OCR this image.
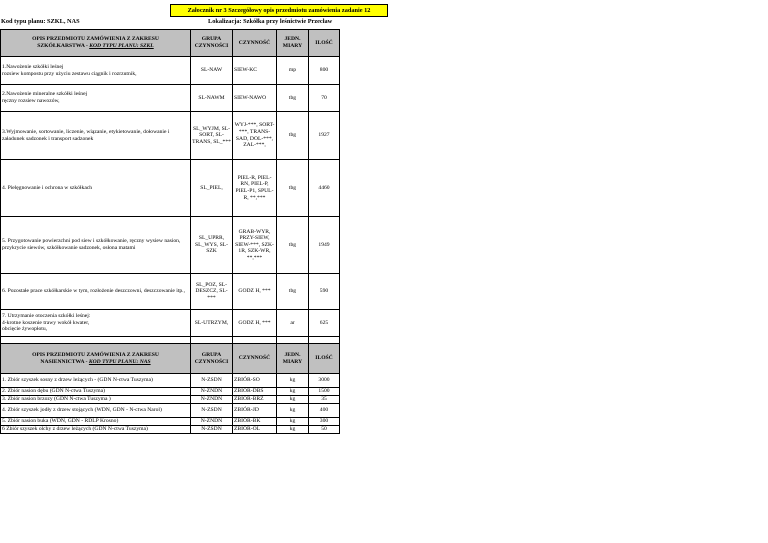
Załocznik nr 3 Szczegółowy opis przedmiotu zamówienia zadanie 12
Kod typu planu: SZKL, NAS	Lokalizacja: Szkółka przy leśnictwie Przecław
OPIS PRZEDMIOTU ZAMÓWIENIA Z ZAKRESU
SZKÓŁKARSTWA - KOD TYPU PLANU: SZKL	GRUPA CZYNNOŚCI	CZYNNOŚĆ	JEDN. MIARY	ILOŚĆ
1.Nawożenie szkółki leśnej
rozsiew kompostu przy użyciu zestawu ciągnik i rozrzutnik,	SL-NAW	SIEW-KC	mp	800
2.Nawożenie mineralne szkółki leśnej
ręczny rozsiew nawozów,	SL-NAWM	SIEW-NAWO	tbg	70
3.Wyjmowanie, sortowanie, liczenie, wiązanie, etykietowanie, dołowanie i załadunek sadzonek i transport sadzonek	SL_WYJM, SL-SORT, SL-TRANS, SL_***	WYJ-***, SORT-***, TRANS-SAD, DOL-***, ZAL-***,	tbg	1927
4. Pielęgnowanie i ochrona w szkółkach	SL_PIEL,	PIEL-R, PIEL-RN, PIEL-P, PIEL-P1, SPUL-R, **,***	tbg	4460
5. Przygotowanie powierzchni pod siew i szkółkowanie, ręczny wysiew nasion, przykrycie siewów, szkółkowanie sadzonek, osłona matami	SL_UPRR, SL_WYS, SL-SZK	GRAB-WYR, PRZY-SIEW, SIEW-***, SZK-1R, SZK-WR, **,***	tbg	1949
6. Pozostałe prace szkółkarskie w tym, rozłożenie deszczowni, deszczowanie itp.,	SL_POZ, SL-DESZCZ, SL-***	GODZ H, ***	tbg	590
7. Utrzymanie otoczenia szkółki leśnej:
4-krotne koszenie trawy wokół kwater,
obcięcie żywopłotu,	SL-UTRZYM,	GODZ H, ***	ar	625

OPIS PRZEDMIOTU ZAMÓWIENIA Z ZAKRESU
NASIENNICTWA - KOD TYPU PLANU: NAS	GRUPA CZYNNOŚCI	CZYNNOŚĆ	JEDN. MIARY	ILOŚĆ
1. Zbiór szyszek sosny z drzew leżących - (GDN N-ctwa Tuszyma)	N-ZSDN	ZBIÓR-SO	kg	3000
2. Zbiór nasion dębu (GDN N-ctwa Tuszyma)	N-ZNDN	ZBIOR-DBS	kg	1500
3. Zbiór nasion brzozy (GDN N-ctwa Tuszyma )	N-ZNDN	ZBIOR-BRZ	kg	35
4. Zbiór szyszek jodły z drzew stojących (WDN, GDN - N-ctwa Narol)	N-ZSDN	ZBIÓR-JD	kg	400
5. Zbiór nasion buka (WDN, GDN - RDLP Krosno)	N-ZNDN	ZBIÓR-BK	kg	300
6 Zbiór szyszek olchy z drzew leżących (GDN N-ctwa Tuszyma)	N-ZSDN	ZBIÓR-OL	kg	50
